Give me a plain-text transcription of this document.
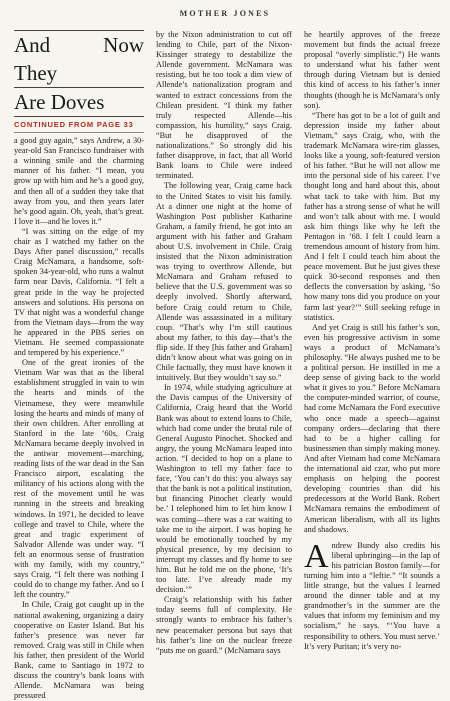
MOTHER JONES
And Now They
Are Doves
CONTINUED FROM PAGE 33

a good guy again,” says Andrew, a 30-year-old San Francisco fundraiser with a winning smile and the charming manner of his father. “I mean, you grow up with him and he’s a good guy, and then all of a sudden they take that away from you, and then years later he’s good again. Oh, yeah, that’s great. I love it—and he loves it.”

“I was sitting on the edge of my chair as I watched my father on the Days After panel discussion,” recalls Craig McNamara, a handsome, soft-spoken 34-year-old, who runs a walnut farm near Davis, California. “I felt a great pride in the way he projected answers and solutions. His persona on TV that night was a wonderful change from the Vietnam days—from the way he appeared in the PBS series on Vietnam. He seemed compassionate and tempered by his experience.”

One of the great ironies of the Vietnam War was that as the liberal establishment struggled in vain to win the hearts and minds of the Vietnamese, they were meanwhile losing the hearts and minds of many of their own children. After enrolling at Stanford in the late ’60s, Craig McNamara became deeply involved in the antiwar movement—marching, reading lists of the war dead in the San Francisco airport, escalating the militancy of his actions along with the rest of the movement until he was running in the streets and breaking windows. In 1971, he decided to leave college and travel to Chile, where the great and tragic experiment of Salvador Allende was under way. “I felt an enormous sense of frustration with my family, with my country,” says Craig. “I felt there was nothing I could do to change my father. And so I left the country.”

In Chile, Craig got caught up in the national awakening, organizing a dairy cooperative on Easter Island. But his father’s presence was never far removed. Craig was still in Chile when his father, then president of the World Bank, came to Santiago in 1972 to discuss the country’s bank loans with Allende. McNamara was being pressured

by the Nixon administration to cut off lending to Chile, part of the Nixon-Kissinger strategy to destabilize the Allende government. McNamara was resisting, but he too took a dim view of Allende’s nationalization program and wanted to extract concessions from the Chilean president. “I think my father truly respected Allende—his compassion, his humility,” says Craig. “But he disapproved of the nationalizations.” So strongly did his father disapprove, in fact, that all World Bank loans to Chile were indeed terminated.

The following year, Craig came back to the United States to visit his family. At a dinner one night at the home of Washington Post publisher Katharine Graham, a family friend, he got into an argument with his father and Graham about U.S. involvement in Chile. Craig insisted that the Nixon administration was trying to overthrow Allende, but McNamara and Graham refused to believe that the U.S. government was so deeply involved. Shortly afterward, before Craig could return to Chile, Allende was assassinated in a military coup. “That’s why I’m still cautious about my father, to this day—that’s the flip side. If they [his father and Graham] didn’t know about what was going on in Chile factually, they must have known it intuitively. But they wouldn’t say so.”

In 1974, while studying agriculture at the Davis campus of the University of California, Craig heard that the World Bank was about to extend loans to Chile, which had come under the brutal rule of General Augusto Pinochet. Shocked and angry, the young McNamara leaped into action. “I decided to hop on a plane to Washington to tell my father face to face, ‘You can’t do this: you always say that the bank is not a political institution, but financing Pinochet clearly would be.’ I telephoned him to let him know I was coming—there was a car waiting to take me to the airport. I was hoping he would be emotionally touched by my physical presence, by my decision to interrupt my classes and fly home to see him. But he told me on the phone, ‘It’s too late. I’ve already made my decision.’”

Craig’s relationship with his father today seems full of complexity. He strongly wants to embrace his father’s new peacemaker persona but says that his father’s line on the nuclear freeze “puts me on guard.” (McNamara says

he heartily approves of the freeze movement but finds the actual freeze proposal “overly simplistic.”) He wants to understand what his father went through during Vietnam but is denied this kind of access to his father’s inner thoughts (though he is McNamara’s only son).

“There has got to be a lot of guilt and depression inside my father about Vietnam,” says Craig, who, with the trademark McNamara wire-rim glasses, looks like a young, soft-featured version of his father. “But he will not allow me into the personal side of his career. I’ve thought long and hard about this, about what tack to take with him. But my father has a strong sense of what he will and won’t talk about with me. I would ask him things like why he left the Pentagon in ’68. I felt I could learn a tremendous amount of history from him. And I felt I could teach him about the peace movement. But he just gives these quick 30-second responses and then deflects the conversation by asking, ‘So how many tons did you produce on your farm last year?’” Still seeking refuge in statistics.

And yet Craig is still his father’s son, even his progressive activism in some ways a product of McNamara’s philosophy. “He always pushed me to be a political person. He instilled in me a deep sense of giving back to the world what it gives to you.” Before McNamara the computer-minded warrior, of course, had come McNamara the Ford executive who once made a speech—against company orders—declaring that there had to be a higher calling for businessmen than simply making money. And after Vietnam had come McNamara the international aid czar, who put more emphasis on helping the poorest developing countries than did his predecessors at the World Bank. Robert McNamara remains the embodiment of American liberalism, with all its lights and shadows.

Andrew Bundy also credits his liberal upbringing—in the lap of his patrician Boston family—for turning him into a “leftie.” “It sounds a little strange, but the values I learned around the dinner table and at my grandmother’s in the summer are the values that inform my feminism and my socialism,” he says. “‘You have a responsibility to others. You must serve.’ It’s very Puritan; it’s very no-
